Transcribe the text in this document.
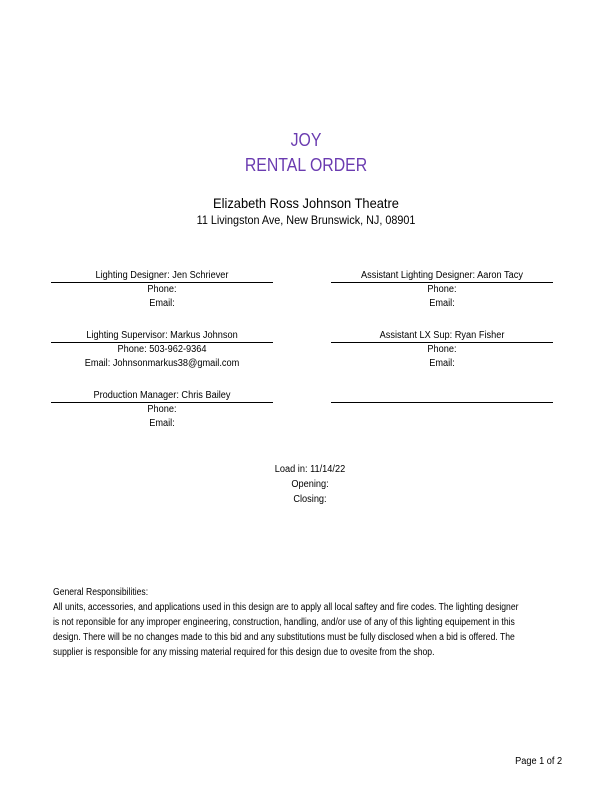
JOY
RENTAL ORDER
Elizabeth Ross Johnson Theatre
11 Livingston Ave, New Brunswick, NJ, 08901
Lighting Designer: Jen Schriever
Phone:
Email:
Assistant Lighting Designer: Aaron Tacy
Phone:
Email:
Lighting Supervisor: Markus Johnson
Phone: 503-962-9364
Email: Johnsonmarkus38@gmail.com
Assistant LX Sup: Ryan Fisher
Phone:
Email:
Production Manager: Chris Bailey
Phone:
Email:
Load in: 11/14/22
Opening:
Closing:
General Responsibilities:
All units, accessories, and applications used in this design are to apply all local saftey and fire codes. The lighting designer
is not reponsible for any improper engineering, construction, handling, and/or use of any of this lighting equipement in this
design. There will be no changes made to this bid and any substitutions must be fully disclosed when a bid is offered. The
supplier is responsible for any missing material required for this design due to ovesite from the shop.
Page 1 of 2
